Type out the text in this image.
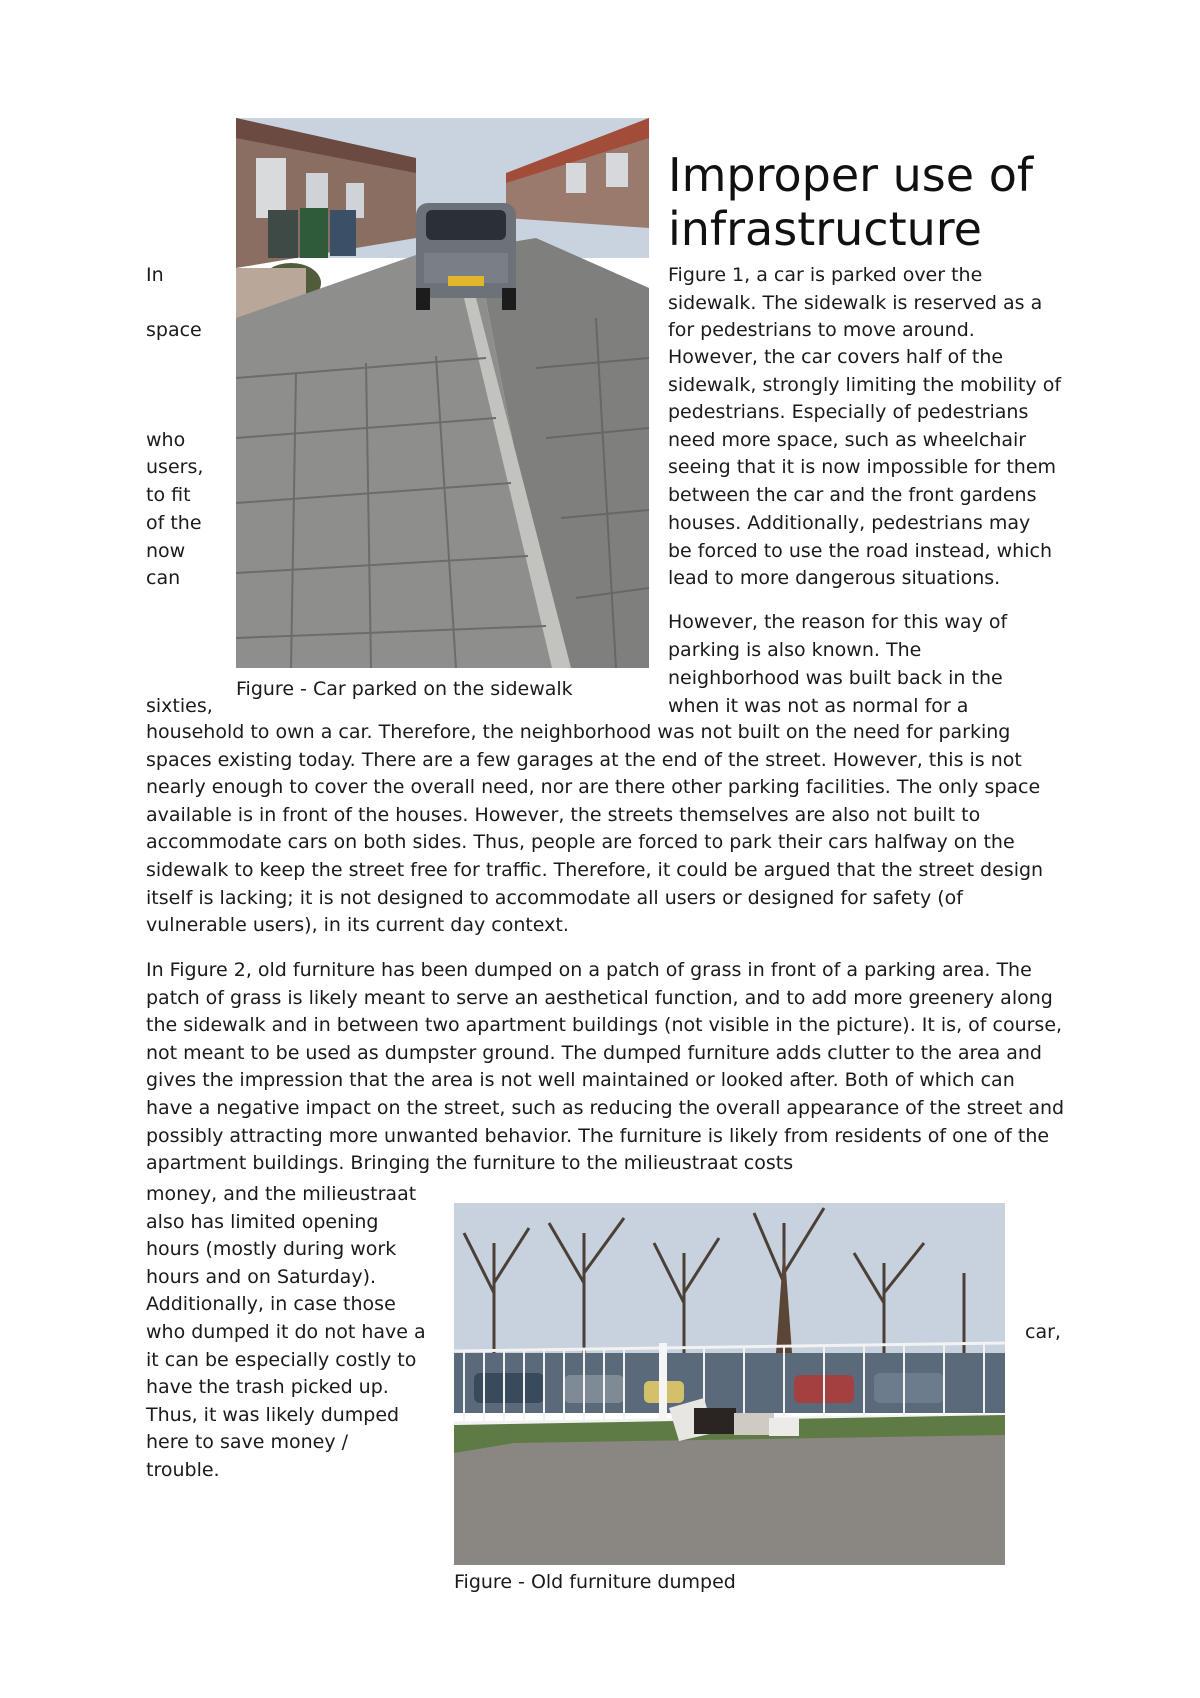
Figure - Car parked on the sidewalk

Improper use of infrastructure

In

space

who

users,

to fit

of the

now

can

sixties,

Figure 1, a car is parked over the

sidewalk. The sidewalk is reserved as a

for pedestrians to move around.

However, the car covers half of the

sidewalk, strongly limiting the mobility of

pedestrians. Especially of pedestrians

need more space, such as wheelchair

seeing that it is now impossible for them

between the car and the front gardens

houses. Additionally, pedestrians may

be forced to use the road instead, which

lead to more dangerous situations.

However, the reason for this way of

parking is also known. The

neighborhood was built back in the

when it was not as normal for a

household to own a car. Therefore, the neighborhood was not built on the need for parking spaces existing today. There are a few garages at the end of the street. However, this is not nearly enough to cover the overall need, nor are there other parking facilities. The only space available is in front of the houses. However, the streets themselves are also not built to accommodate cars on both sides. Thus, people are forced to park their cars halfway on the sidewalk to keep the street free for traffic. Therefore, it could be argued that the street design itself is lacking; it is not designed to accommodate all users or designed for safety (of vulnerable users), in its current day context.

In Figure 2, old furniture has been dumped on a patch of grass in front of a parking area. The patch of grass is likely meant to serve an aesthetical function, and to add more greenery along the sidewalk and in between two apartment buildings (not visible in the picture). It is, of course, not meant to be used as dumpster ground. The dumped furniture adds clutter to the area and gives the impression that the area is not well maintained or looked after. Both of which can have a negative impact on the street, such as reducing the overall appearance of the street and possibly attracting more unwanted behavior. The furniture is likely from residents of one of the apartment buildings. Bringing the furniture to the milieustraat costs

money, and the milieustraat

also has limited opening

hours (mostly during work

hours and on Saturday).

Additionally, in case those

who dumped it do not have a

it can be especially costly to

have the trash picked up.

Thus, it was likely dumped

here to save money /

trouble.

car,

Figure - Old furniture dumped
